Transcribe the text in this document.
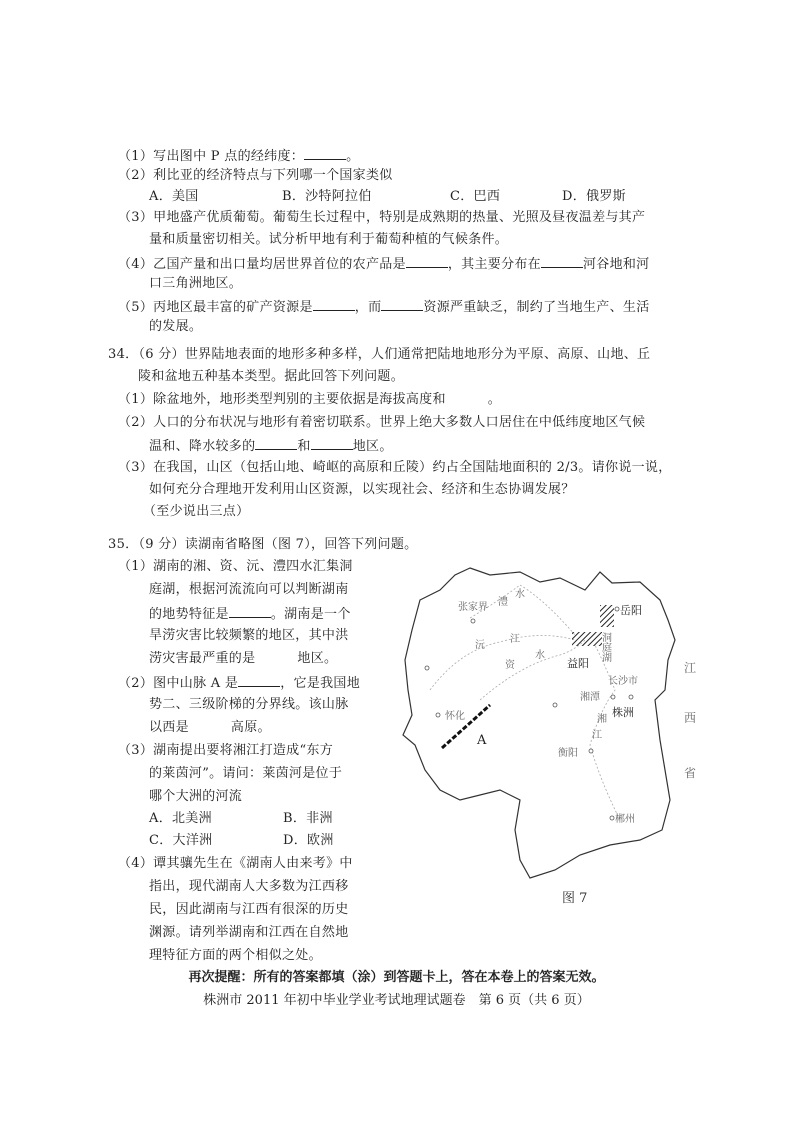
（1）写出图中 P 点的经纬度：	。
（2）利比亚的经济特点与下列哪一个国家类似
A．美国	B．沙特阿拉伯	C．巴西	D．俄罗斯
（3）甲地盛产优质葡萄。葡萄生长过程中，特别是成熟期的热量、光照及昼夜温差与其产
量和质量密切相关。试分析甲地有利于葡萄种植的气候条件。
（4）乙国产量和出口量均居世界首位的农产品是	，其主要分布在	河谷地和河
口三角洲地区。
（5）丙地区最丰富的矿产资源是	，而	资源严重缺乏，制约了当地生产、生活
的发展。
34．（6 分）世界陆地表面的地形多种多样，人们通常把陆地地形分为平原、高原、山地、丘
陵和盆地五种基本类型。据此回答下列问题。
（1）除盆地外，地形类型判别的主要依据是海拔高度和	。
（2）人口的分布状况与地形有着密切联系。世界上绝大多数人口居住在中低纬度地区气候
温和、降水较多的	和	地区。
（3）在我国，山区（包括山地、崎岖的高原和丘陵）约占全国陆地面积的 2/3。请你说一说，
如何充分合理地开发利用山区资源，以实现社会、经济和生态协调发展？
（至少说出三点）
35．（9 分）读湖南省略图（图 7），回答下列问题。
（1）湖南的湘、资、沅、澧四水汇集洞
庭湖，根据河流流向可以判断湖南
的地势特征是	。湖南是一个
旱涝灾害比较频繁的地区，其中洪
涝灾害最严重的是	地区。
（2）图中山脉 A 是	，它是我国地
势二、三级阶梯的分界线。该山脉
以西是	高原。
（3）湖南提出要将湘江打造成“东方
的莱茵河”。请问：莱茵河是位于
哪个大洲的河流
A．北美洲	B．非洲
C．大洋洲	D．欧洲
（4）谭其骧先生在《湖南人由来考》中
指出，现代湖南人大多数为江西移
民，因此湖南与江西有很深的历史
渊源。请列举湖南和江西在自然地
理特征方面的两个相似之处。
张家界 澧
水
沅
江
资
水
岳阳
洞庭湖
益阳
长沙市
湘潭
株洲
怀化
A
衡阳
湘
江
郴州
江
西
省
图 7
再次提醒：所有的答案都填（涂）到答题卡上，答在本卷上的答案无效。
株洲市 2011 年初中毕业学业考试地理试题卷　第 6 页（共 6 页）
